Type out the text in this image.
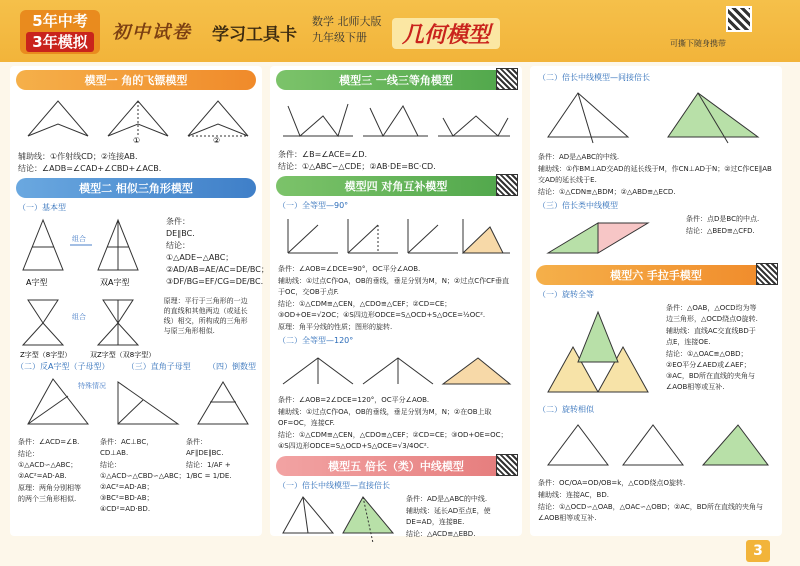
5年中考
3年模拟	初中试卷 学习工具卡
数学 北师大版
九年级下册	几何模型	可撕下随身携带
模型一 角的飞镖模型
①	②
辅助线：①作射线CD；②连接AB.
结论：∠ADB=∠CAD+∠CBD+∠ACB.
模型二 相似三角形模型
（一）基本型
组合
A字型	双A字型
条件：
DE∥BC.
结论：
①△ADE∽△ABC；
②AD/AB=AE/AC=DE/BC；
③DF/BG=EF/CG=DE/BC.
组合
Z字型（8字型）	双Z字型（双8字型）
原理：平行于三角形的一边的直线和其他两边（或延长线）相交，所构成的三角形与原三角形相似.
（二）反A字型（子母型） （三）直角子母型 （四）倒数型
特殊情况
条件：∠ACD=∠B.
结论：①△ACD∽△ABC；②AC²=AD·AB.
原理：两角分别相等的两个三角形相似.
条件：AC⊥BC，CD⊥AB.
结论：①△ACD∽△CBD∽△ABC；②AC²=AD·AB；③BC²=BD·AB；④CD²=AD·BD.
条件：AF∥DE∥BC.
结论：1/AF + 1/BC = 1/DE.
模型三 一线三等角模型
条件：∠B=∠ACE=∠D.
结论：①△ABC∽△CDE；②AB·DE=BC·CD.
模型四 对角互补模型
（一）全等型—90°
条件：∠AOB=∠DCE=90°，OC平分∠AOB.
辅助线：①过点C作OA，OB的垂线，垂足分别为M，N；②过点C作CF垂直于OC，交OB于点F.
结论：①△CDM≌△CEN，△CDO≌△CEF；②CD=CE；③OD+OE=√2OC；④S四边形ODCE=S△OCD+S△OCE=½OC².
原理：角平分线的性质；图形的旋转.
（二）全等型—120°
条件：∠AOB=2∠DCE=120°，OC平分∠AOB.
辅助线：①过点C作OA，OB的垂线，垂足分别为M，N；②在OB上取OF=OC，连接CF.
结论：①△CDM≌△CEN，△CDO≌△CEF；②CD=CE；③OD+OE=OC；④S四边形ODCE=S△OCD+S△OCE=√3/4OC².
模型五 倍长（类）中线模型
（一）倍长中线模型—直接倍长
条件：AD是△ABC的中线.
辅助线：延长AD至点E，使DE=AD，连接BE.
结论：△ACD≌△EBD.
（二）倍长中线模型—间接倍长
条件：AD是△ABC的中线.
辅助线：①作BM⊥AD交AD的延长线于M，作CN⊥AD于N；②过C作CE∥AB交AD的延长线于E.
结论：①△CDN≌△BDM；②△ABD≌△ECD.
（三）倍长类中线模型
条件：点D是BC的中点.
结论：△BED≌△CFD.
模型六 手拉手模型
（一）旋转全等
条件：△OAB，△OCD均为等边三角形，△OCD绕点O旋转.
辅助线：直线AC交直线BD于点E，连接OE.
结论：①△OAC≌△OBD；②EO平分∠AED或∠AEF；③AC，BD所在直线的夹角与∠AOB相等或互补.
（二）旋转相似
条件：OC/OA=OD/OB=k，△COD绕点O旋转.
辅助线：连接AC，BD.
结论：①△OCD∽△OAB，△OAC∽△OBD；②AC，BD所在直线的夹角与∠AOB相等或互补.
3
